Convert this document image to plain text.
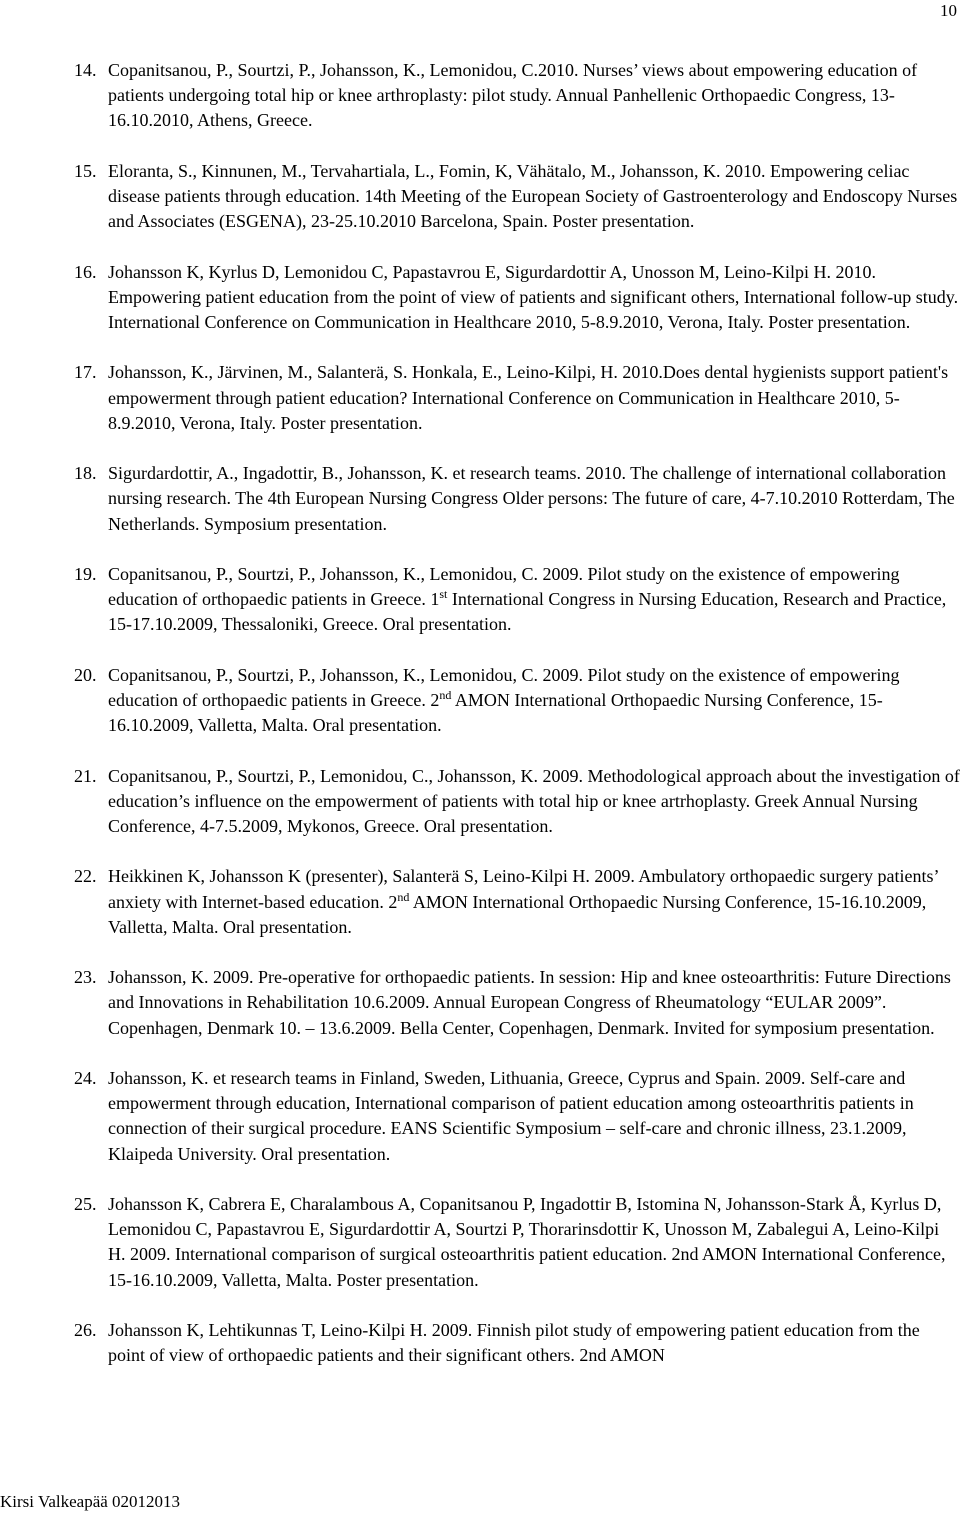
10
14. Copanitsanou, P., Sourtzi, P., Johansson, K., Lemonidou, C.2010. Nurses’ views about empowering education of patients undergoing total hip or knee arthroplasty: pilot study. Annual Panhellenic Orthopaedic Congress, 13-16.10.2010, Athens, Greece.
15. Eloranta, S., Kinnunen, M., Tervahartiala, L., Fomin, K, Vähätalo, M., Johansson, K. 2010. Empowering celiac disease patients through education. 14th Meeting of the European Society of Gastroenterology and Endoscopy Nurses and Associates (ESGENA), 23-25.10.2010 Barcelona, Spain. Poster presentation.
16. Johansson K, Kyrlus D, Lemonidou C, Papastavrou E, Sigurdardottir A, Unosson M, Leino-Kilpi H. 2010. Empowering patient education from the point of view of patients and significant others, International follow-up study. International Conference on Communication in Healthcare 2010, 5-8.9.2010, Verona, Italy. Poster presentation.
17. Johansson, K., Järvinen, M., Salanterä, S. Honkala, E., Leino-Kilpi, H. 2010.Does dental hygienists support patient's empowerment through patient education? International Conference on Communication in Healthcare 2010, 5-8.9.2010, Verona, Italy. Poster presentation.
18. Sigurdardottir, A., Ingadottir, B., Johansson, K. et research teams. 2010. The challenge of international collaboration nursing research. The 4th European Nursing Congress Older persons: The future of care, 4-7.10.2010 Rotterdam, The Netherlands. Symposium presentation.
19. Copanitsanou, P., Sourtzi, P., Johansson, K., Lemonidou, C. 2009. Pilot study on the existence of empowering education of orthopaedic patients in Greece. 1st International Congress in Nursing Education, Research and Practice, 15-17.10.2009, Thessaloniki, Greece. Oral presentation.
20. Copanitsanou, P., Sourtzi, P., Johansson, K., Lemonidou, C. 2009. Pilot study on the existence of empowering education of orthopaedic patients in Greece. 2nd AMON International Orthopaedic Nursing Conference, 15-16.10.2009, Valletta, Malta. Oral presentation.
21. Copanitsanou, P., Sourtzi, P., Lemonidou, C., Johansson, K. 2009. Methodological approach about the investigation of education’s influence on the empowerment of patients with total hip or knee artrhoplasty. Greek Annual Nursing Conference, 4-7.5.2009, Mykonos, Greece. Oral presentation.
22. Heikkinen K, Johansson K (presenter), Salanterä S, Leino-Kilpi H. 2009. Ambulatory orthopaedic surgery patients’ anxiety with Internet-based education. 2nd AMON International Orthopaedic Nursing Conference, 15-16.10.2009, Valletta, Malta. Oral presentation.
23. Johansson, K. 2009. Pre-operative for orthopaedic patients. In session: Hip and knee osteoarthritis: Future Directions and Innovations in Rehabilitation 10.6.2009. Annual European Congress of Rheumatology “EULAR 2009”. Copenhagen, Denmark 10. – 13.6.2009. Bella Center, Copenhagen, Denmark. Invited for symposium presentation.
24. Johansson, K. et research teams in Finland, Sweden, Lithuania, Greece, Cyprus and Spain. 2009. Self-care and empowerment through education, International comparison of patient education among osteoarthritis patients in connection of their surgical procedure. EANS Scientific Symposium – self-care and chronic illness, 23.1.2009, Klaipeda University. Oral presentation.
25. Johansson K, Cabrera E, Charalambous A, Copanitsanou P, Ingadottir B, Istomina N, Johansson-Stark Å, Kyrlus D, Lemonidou C, Papastavrou E, Sigurdardottir A, Sourtzi P, Thorarinsdottir K, Unosson M, Zabalegui A, Leino-Kilpi H. 2009. International comparison of surgical osteoarthritis patient education. 2nd AMON International Conference, 15-16.10.2009, Valletta, Malta. Poster presentation.
26. Johansson K, Lehtikunnas T, Leino-Kilpi H. 2009. Finnish pilot study of empowering patient education from the point of view of orthopaedic patients and their significant others. 2nd AMON
Kirsi Valkeapää 02012013
